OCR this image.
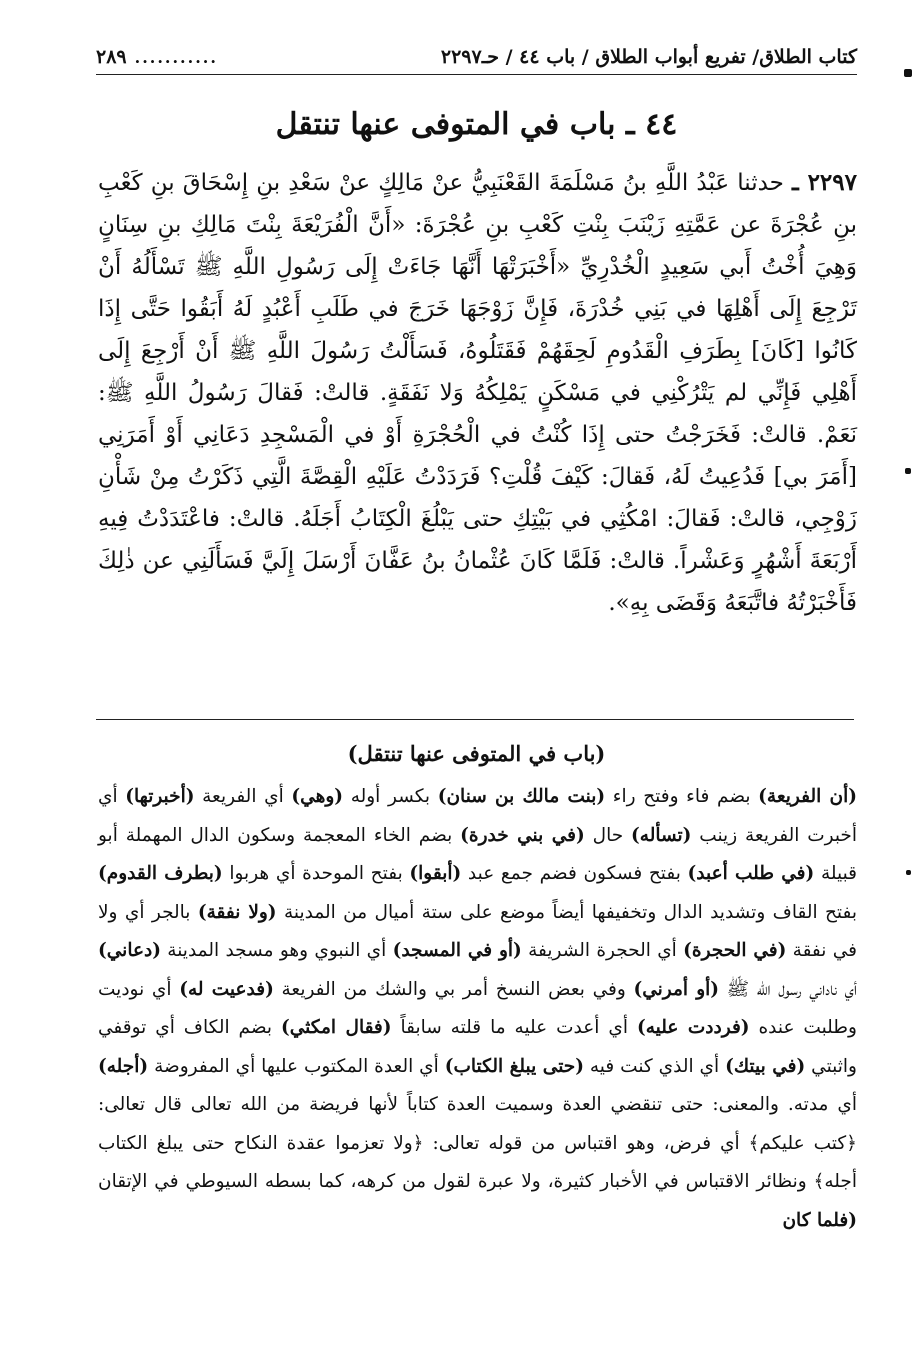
كتاب الطلاق/ تفريع أبواب الطلاق / باب ٤٤ / حـ٢٢٩٧
...........
٢٨٩
٤٤ ـ باب في المتوفى عنها تنتقل
٢٢٩٧ ـ حدثنا عَبْدُ اللَّهِ بنُ مَسْلَمَةَ القَعْنَبِيُّ عنْ مَالِكٍ عنْ سَعْدِ بنِ إِسْحَاقَ بنِ كَعْبِ بنِ عُجْرَةَ عن عَمَّتِهِ زَيْنَبَ بِنْتِ كَعْبِ بنِ عُجْرَةَ: «أَنَّ الْفُرَيْعَةَ بِنْتَ مَالِكِ بنِ سِنَانٍ وَهِيَ أُخْتُ أَبي سَعِيدٍ الْخُدْرِيِّ «أَخْبَرَتْهَا أَنَّهَا جَاءَتْ إِلَى رَسُولِ اللَّهِ ﷺ تَسْأَلُهُ أَنْ تَرْجِعَ إِلَى أَهْلِهَا في بَنِي خُدْرَةَ، فَإِنَّ زَوْجَهَا خَرَجَ في طَلَبِ أَعْبُدٍ لَهُ أَبَقُوا حَتَّى إِذَا كَانُوا [كَانَ] بِطَرَفِ الْقَدُومِ لَحِقَهُمْ فَقَتَلُوهُ، فَسَأَلْتُ رَسُولَ اللَّهِ ﷺ أَنْ أَرْجِعَ إِلَى أَهْلِي فَإِنِّي لم يَتْرُكْنِي في مَسْكَنٍ يَمْلِكُهُ وَلا نَفَقَةٍ. قالتْ: فَقالَ رَسُولُ اللَّهِ ﷺ: نَعَمْ. قالتْ: فَخَرَجْتُ حتى إِذَا كُنْتُ في الْحُجْرَةِ أَوْ في الْمَسْجِدِ دَعَانِي أَوْ أَمَرَنِي [أَمَرَ بي] فَدُعِيتُ لَهُ، فَقالَ: كَيْفَ قُلْتِ؟ فَرَدَدْتُ عَلَيْهِ الْقِصَّةَ الَّتِي ذَكَرْتُ مِنْ شَأْنِ زَوْجِي، قالتْ: فَقالَ: امْكُثِي في بَيْتِكِ حتى يَبْلُغَ الْكِتَابُ أَجَلَهُ. قالتْ: فاعْتَدَدْتُ فِيهِ أَرْبَعَةَ أَشْهُرٍ وَعَشْراً. قالتْ: فَلَمَّا كَانَ عُثْمانُ بنُ عَفَّانَ أَرْسَلَ إِلَيَّ فَسَأَلَنِي عن ذٰلِكَ فَأَخْبَرْتُهُ فاتَّبَعَهُ وَقَضَى بِهِ».
(باب في المتوفى عنها تنتقل)
(أن الفريعة) بضم فاء وفتح راء (بنت مالك بن سنان) بكسر أوله (وهي) أي الفريعة (أخبرتها) أي أخبرت الفريعة زينب (تسأله) حال (في بني خدرة) بضم الخاء المعجمة وسكون الدال المهملة أبو قبيلة (في طلب أعبد) بفتح فسكون فضم جمع عبد (أبقوا) بفتح الموحدة أي هربوا (بطرف القدوم) بفتح القاف وتشديد الدال وتخفيفها أيضاً موضع على ستة أميال من المدينة (ولا نفقة) بالجر أي ولا في نفقة (في الحجرة) أي الحجرة الشريفة (أو في المسجد) أي النبوي وهو مسجد المدينة (دعاني) أي ناداني رسول الله ﷺ (أو أمرني) وفي بعض النسخ أمر بي والشك من الفريعة (فدعيت له) أي نوديت وطلبت عنده (فرددت عليه) أي أعدت عليه ما قلته سابقاً (فقال امكثي) بضم الكاف أي توقفي واثبتي (في بيتك) أي الذي كنت فيه (حتى يبلغ الكتاب) أي العدة المكتوب عليها أي المفروضة (أجله) أي مدته. والمعنى: حتى تنقضي العدة وسميت العدة كتاباً لأنها فريضة من الله تعالى قال تعالى: ﴿كتب عليكم﴾ أي فرض، وهو اقتباس من قوله تعالى: ﴿ولا تعزموا عقدة النكاح حتى يبلغ الكتاب أجله﴾ ونظائر الاقتباس في الأخبار كثيرة، ولا عبرة لقول من كرهه، كما بسطه السيوطي في الإتقان (فلما كان
